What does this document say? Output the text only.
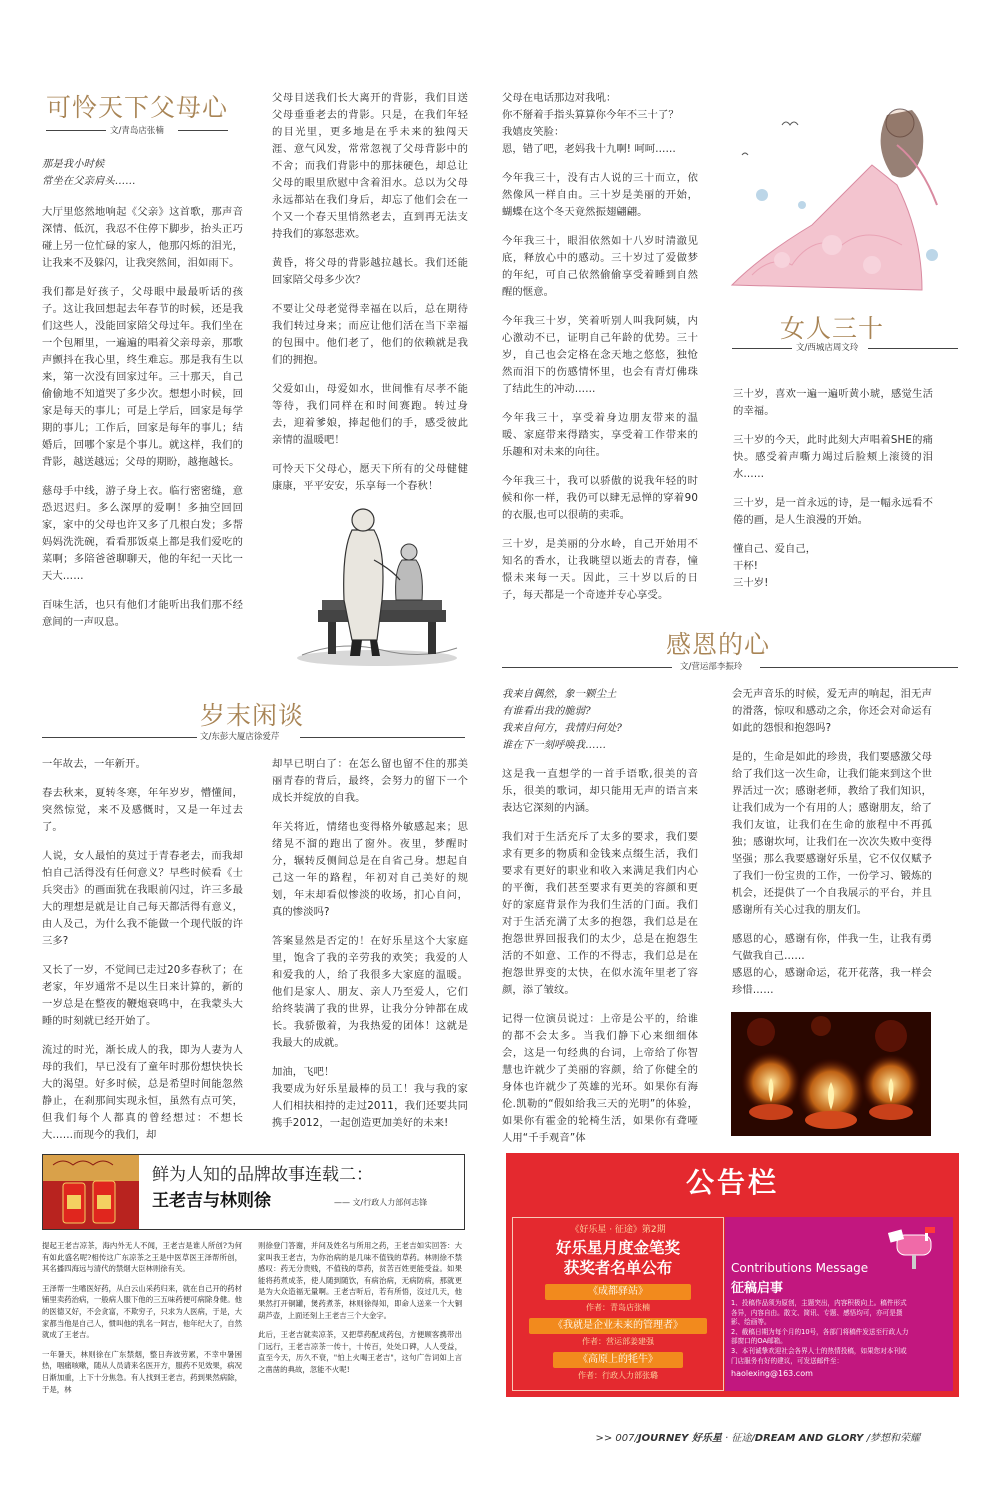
可怜天下父母心
文/青岛店张楠

那是我小时候

常坐在父亲肩头……

大厅里悠然地响起《父亲》这首歌，那声音深情、低沉，我忍不住停下脚步，抬头正巧碰上另一位忙碌的家人，他那闪烁的泪光，让我来不及躲闪，让我突然间，泪如雨下。

我们都是好孩子，父母眼中最最听话的孩子。这让我回想起去年春节的时候，还是我们这些人，没能回家陪父母过年。我们坐在一个包厢里，一遍遍的唱着父亲母亲，那歌声颤抖在我心里，终生难忘。那是我有生以来，第一次没有回家过年。三十那天，自己偷偷地不知道哭了多少次。想想小时候，回家是每天的事儿；可是上学后，回家是每学期的事儿；工作后，回家是每年的事儿；结婚后，回哪个家是个事儿。就这样，我们的背影，越送越远；父母的期盼，越拖越长。

慈母手中线，游子身上衣。临行密密缝，意恐迟迟归。多么深厚的爱啊！多抽空回回家，家中的父母也许又多了几根白发；多帮妈妈洗洗碗，看看那饭桌上都是我们爱吃的菜啊；多陪爸爸聊聊天，他的年纪一天比一天大……

百味生活，也只有他们才能听出我们那不经意间的一声叹息。

父母目送我们长大离开的背影，我们目送父母垂垂老去的背影。只是，在我们年轻的目光里，更多地是在乎未来的独闯天涯、意气风发，常常忽视了父母背影中的不舍；而我们背影中的那抹硬色，却总让父母的眼里欣慰中含着泪水。总以为父母永远都站在我们身后，却忘了他们会在一个又一个春天里悄然老去，直到再无法支持我们的寡怒悲欢。

黄昏，将父母的背影越拉越长。我们还能回家陪父母多少次？

不要让父母老觉得幸福在以后，总在期待我们转过身来；而应让他们活在当下幸福的包围中。他们老了，他们的依赖就是我们的拥抱。

父爱如山，母爱如水，世间惟有尽孝不能等待，我们同样在和时间赛跑。转过身去，迎着爹娘，捧起他们的手，感受彼此亲情的温暖吧！

可怜天下父母心，愿天下所有的父母健健康康，平平安安，乐享每一个春秋！

父母在电话那边对我吼：
你不掰着手指头算算你今年不三十了？
我嬉皮笑脸：
恩，错了吧，老妈我十九啊! 呵呵……

今年我三十，没有古人说的三十而立，依然像风一样自由。三十岁是美丽的开始，蝴蝶在这个冬天竟然振翅翩翩。

今年我三十，眼泪依然如十八岁时清澈见底，释放心中的感动。三十岁过了爱做梦的年纪，可自己依然偷偷享受着睡到自然醒的惬意。

今年我三十岁，笑着听别人叫我阿姨，内心激动不已，证明自己年龄的优势。三十岁，自己也会定格在念天地之悠悠，独怆然而泪下的伤感情怀里，也会有青灯佛珠了结此生的冲动……

今年我三十，享受着身边朋友带来的温暖、家庭带来得踏实，享受着工作带来的乐趣和对未来的向往。

今年我三十，我可以骄傲的说我年轻的时候和你一样，我仍可以肆无忌惮的穿着90的衣服,也可以很萌的卖乖。

三十岁，是美丽的分水岭，自己开始用不知名的香水，让我眺望以逝去的青春，憧憬未来每一天。因此，三十岁以后的日子，每天都是一个奇迹并专心享受。

女人三十
文/西城店周文玲

三十岁，喜欢一遍一遍听黄小琥，感觉生活的幸福。

三十岁的今天，此时此刻大声唱着SHE的痛快。感受着声嘶力竭过后脸颊上滚烫的泪水……

三十岁，是一首永远的诗，是一幅永远看不倦的画，是人生浪漫的开始。

懂自己、爱自己，
干杯!
三十岁!

岁末闲谈
文/东彭大厦店徐爱芹

一年故去，一年新开。

春去秋来，夏转冬寒，年年岁岁，懵懂间，突然惊觉，来不及感慨时，又是一年过去了。

人说，女人最怕的莫过于青春老去，而我却怕自己活得没有任何意义？早些时候看《士兵突击》的画面犹在我眼前闪过，许三多最大的理想是就是让自己每天都活得有意义，由人及己，为什么我不能做一个现代版的许三多?

又长了一岁，不觉间已走过20多春秋了；在老家，年岁通常不是以生日来计算的，新的一岁总是在整夜的鞭炮衰鸣中，在我蒙头大睡的时刻就已经开始了。

流过的时光，渐长成人的我，即为人妻为人母的我们，早已没有了童年时那份想快快长大的渴望。好多时候，总是希望时间能忽然静止，在刹那间实现永恒，虽然有点可笑，但我们每个人都真的曾经想过：不想长大……而现今的我们，却

却早已明白了：在怎么留也留不住的那美丽青春的背后，最终，会努力的留下一个成长并绽放的自我。

年关将近，情绪也变得格外敏感起来；思绪晃不溜的跑出了窗外。夜里，梦醒时分，辗转反侧间总是在自省己身。想起自己这一年的路程，年初对自己美好的规划，年末却看似惨淡的收场，扪心自问，真的惨淡吗?

答案显然是否定的！在好乐星这个大家庭里，饱含了我的辛劳我的欢笑；我爱的人和爱我的人，给了我很多大家庭的温暖。他们是家人、朋友、亲人乃至爱人，它们给终装满了我的世界，让我分分钟都在成长。我骄傲着，为我热爱的团体！这就是我最大的成就。

加油，飞吧！
我要成为好乐星最棒的员工！我与我的家人们相扶相持的走过2011，我们还要共同携手2012，一起创造更加美好的未来!

感恩的心
文/营运部李振玲

我来自偶然，象一颗尘土

有谁看出我的脆弱?

我来自何方，我情归何处?

谁在下一刻呼唤我……

这是我一直想学的一首手语歌,很美的音乐，很美的歌词，却只能用无声的语言来表达它深刻的内涵。

我们对于生活充斥了太多的要求，我们要求有更多的物质和金钱来点缀生活，我们要求有更好的职业和收入来满足我们内心的平衡，我们甚至要求有更美的容颜和更好的家庭背景作为我们生活的门面。我们对于生活充满了太多的抱怨，我们总是在抱怨世界回报我们的太少，总是在抱怨生活的不如意、工作的不得志，我们总是在抱怨世界变的太快，在似水流年里老了容颜，添了皱纹。

记得一位演员说过：上帝是公平的，给谁的都不会太多。当我们静下心来细细体会，这是一句经典的台词，上帝给了你智慧也许就少了美丽的容颜，给了你健全的身体也许就少了英雄的光环。如果你有海伦.凯勒的“假如给我三天的光明”的体验，如果你有霍金的轮椅生活，如果你有聋哑人用“千手观音”体

会无声音乐的时候，爱无声的响起，泪无声的滑落，惊叹和感动之余，你还会对命运有如此的怨恨和抱怨吗?

是的，生命是如此的珍贵，我们要感激父母给了我们这一次生命，让我们能来到这个世界活过一次；感谢老师，教给了我们知识，让我们成为一个有用的人；感谢朋友，给了我们友谊，让我们在生命的旅程中不再孤独；感谢坎坷，让我们在一次次失败中变得坚强；那么我要感谢好乐星，它不仅仅赋予了我们一份宝贵的工作，一份学习、锻炼的机会，还提供了一个自我展示的平台，并且感谢所有关心过我的朋友们。

感恩的心，感谢有你，伴我一生，让我有勇气做我自己……
感恩的心，感谢命运，花开花落，我一样会珍惜……

鲜为人知的品牌故事连载二：
王老吉与林则徐	—— 文/行政人力部何志锋

提起王老吉凉茶，海内外无人不闻，王老吉是谁人所创?为何有如此盛名呢?相传这广东凉茶之王是中医草医王泽帮所创，其名播四海远与清代的禁烟大臣林则徐有关。

王泽帮一生嗜医好药，从白云山采药归来，就在自己开的药材铺里卖药治病，一般病人服下他的三五味药便可病除身健。他的医德又好，不会贪富，不欺穷子，只求为人医病，于是，大家都当他是自己人，惯叫他的乳名一阿吉，他年纪大了，自然就成了王老吉。

一年暑天，林则徐在广东禁烟，整日奔波劳累，不幸中暑困热，咽痛咳嗽，随从人员请来名医开方，服药不见效果，病况日渐加重，上下十分焦急。有人找到王老吉，药到果然病除，于是，林

则徐登门答谢，并问及姓名与所用之药，王老吉如实回答：大家叫我王老吉，为你治病的是几味不值钱的草药。林则徐不禁感叹：药无分贵贱，不值钱的草药，贫苦百姓更能受益。如果能将药煮成茶，使人随到随饮，有病治病，无病防病，那就更是为大众造福无量啊。王老吉听后，若有所悟，沒过几天，他果然打开铜罐，煲药煮茶，林则徐得知，即命人送来一个大铜葫芦壶，上面还刻上王老吉三个大金字。

此后，王老吉就卖凉茶，又把草药配成药包，方便顾客携带出门远行，王老吉凉茶一传十，十传百，处处口碑，人人受益，直至今天，历久不衰，"怕上火喝王老吉"，这句广告词如上言之凿凿的典故，忽能不火呢!

公告栏
《好乐星 · 征途》第2期
好乐星月度金笔奖
获奖者名单公布
《成都驿站》
作者：青岛店张楠
《我就是企业未来的管理者》
作者：营运部姜建强
《高原上的牦牛》
作者：行政人力部张璐
Contributions Message
征稿启事
1、投稿作品须为原创，主题突出，内容积极向上。稿件形式各异，内容自由。散文、简讯、专题、感悟均可，亦可是摄影、绘画等。
2、截稿日期为每个月的10号，各部门将稿件发送至行政人力部窗口的OA邮箱。
3、本刊诚挚欢迎社会各界人士的热情投稿，如果您对本刊或门店服务有好的建议，可发送邮件至：
haolexing@163.com
>> 007/JOURNEY 好乐星 · 征途/DREAM AND GLORY /梦想和荣耀
